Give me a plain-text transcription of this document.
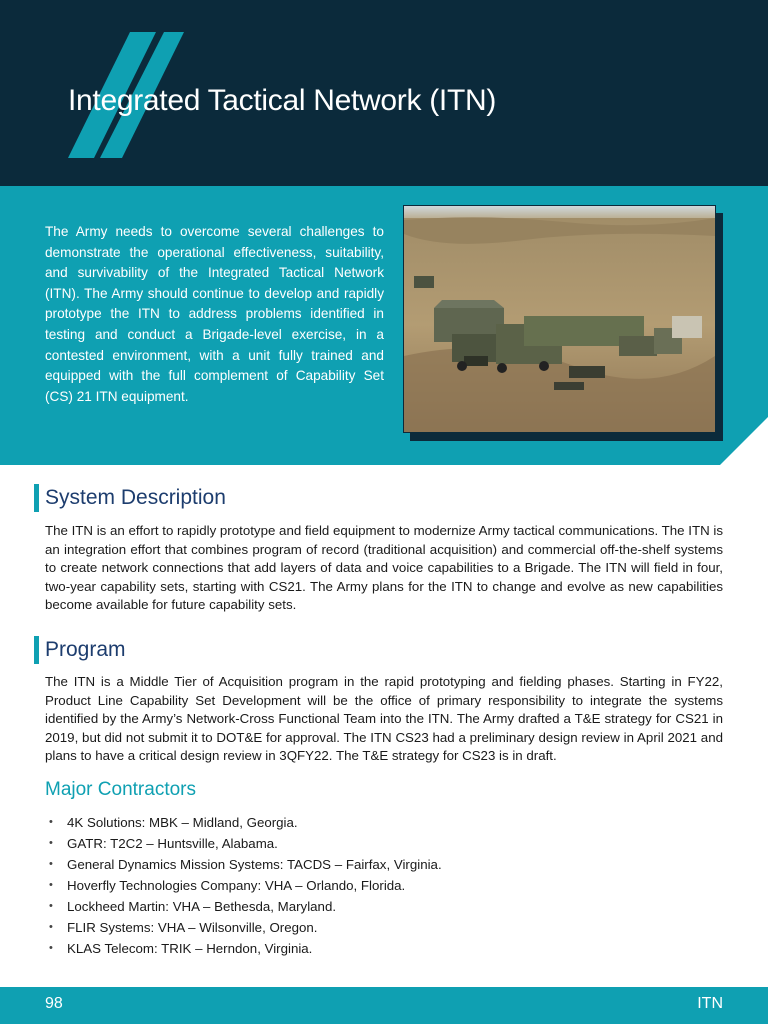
Integrated Tactical Network (ITN)

The Army needs to overcome several challenges to demonstrate the operational effectiveness, suitability, and survivability of the Integrated Tactical Network (ITN). The Army should continue to develop and rapidly prototype the ITN to address problems identified in testing and conduct a Brigade-level exercise, in a contested environment, with a unit fully trained and equipped with the full complement of Capability Set (CS) 21 ITN equipment.

System Description

The ITN is an effort to rapidly prototype and field equipment to modernize Army tactical communications. The ITN is an integration effort that combines program of record (traditional acquisition) and commercial off-the-shelf systems to create network connections that add layers of data and voice capabilities to a Brigade. The ITN will field in four, two-year capability sets, starting with CS21. The Army plans for the ITN to change and evolve as new capabilities become available for future capability sets.

Program

The ITN is a Middle Tier of Acquisition program in the rapid prototyping and fielding phases. Starting in FY22, Product Line Capability Set Development will be the office of primary responsibility to integrate the systems identified by the Army’s Network-Cross Functional Team into the ITN. The Army drafted a T&E strategy for CS21 in 2019, but did not submit it to DOT&E for approval. The ITN CS23 had a preliminary design review in April 2021 and plans to have a critical design review in 3QFY22. The T&E strategy for CS23 is in draft.

Major Contractors
• 4K Solutions: MBK – Midland, Georgia.
• GATR: T2C2 – Huntsville, Alabama.
• General Dynamics Mission Systems: TACDS – Fairfax, Virginia.
• Hoverfly Technologies Company: VHA – Orlando, Florida.
• Lockheed Martin: VHA – Bethesda, Maryland.
• FLIR Systems: VHA – Wilsonville, Oregon.
• KLAS Telecom: TRIK – Herndon, Virginia.
98	ITN
